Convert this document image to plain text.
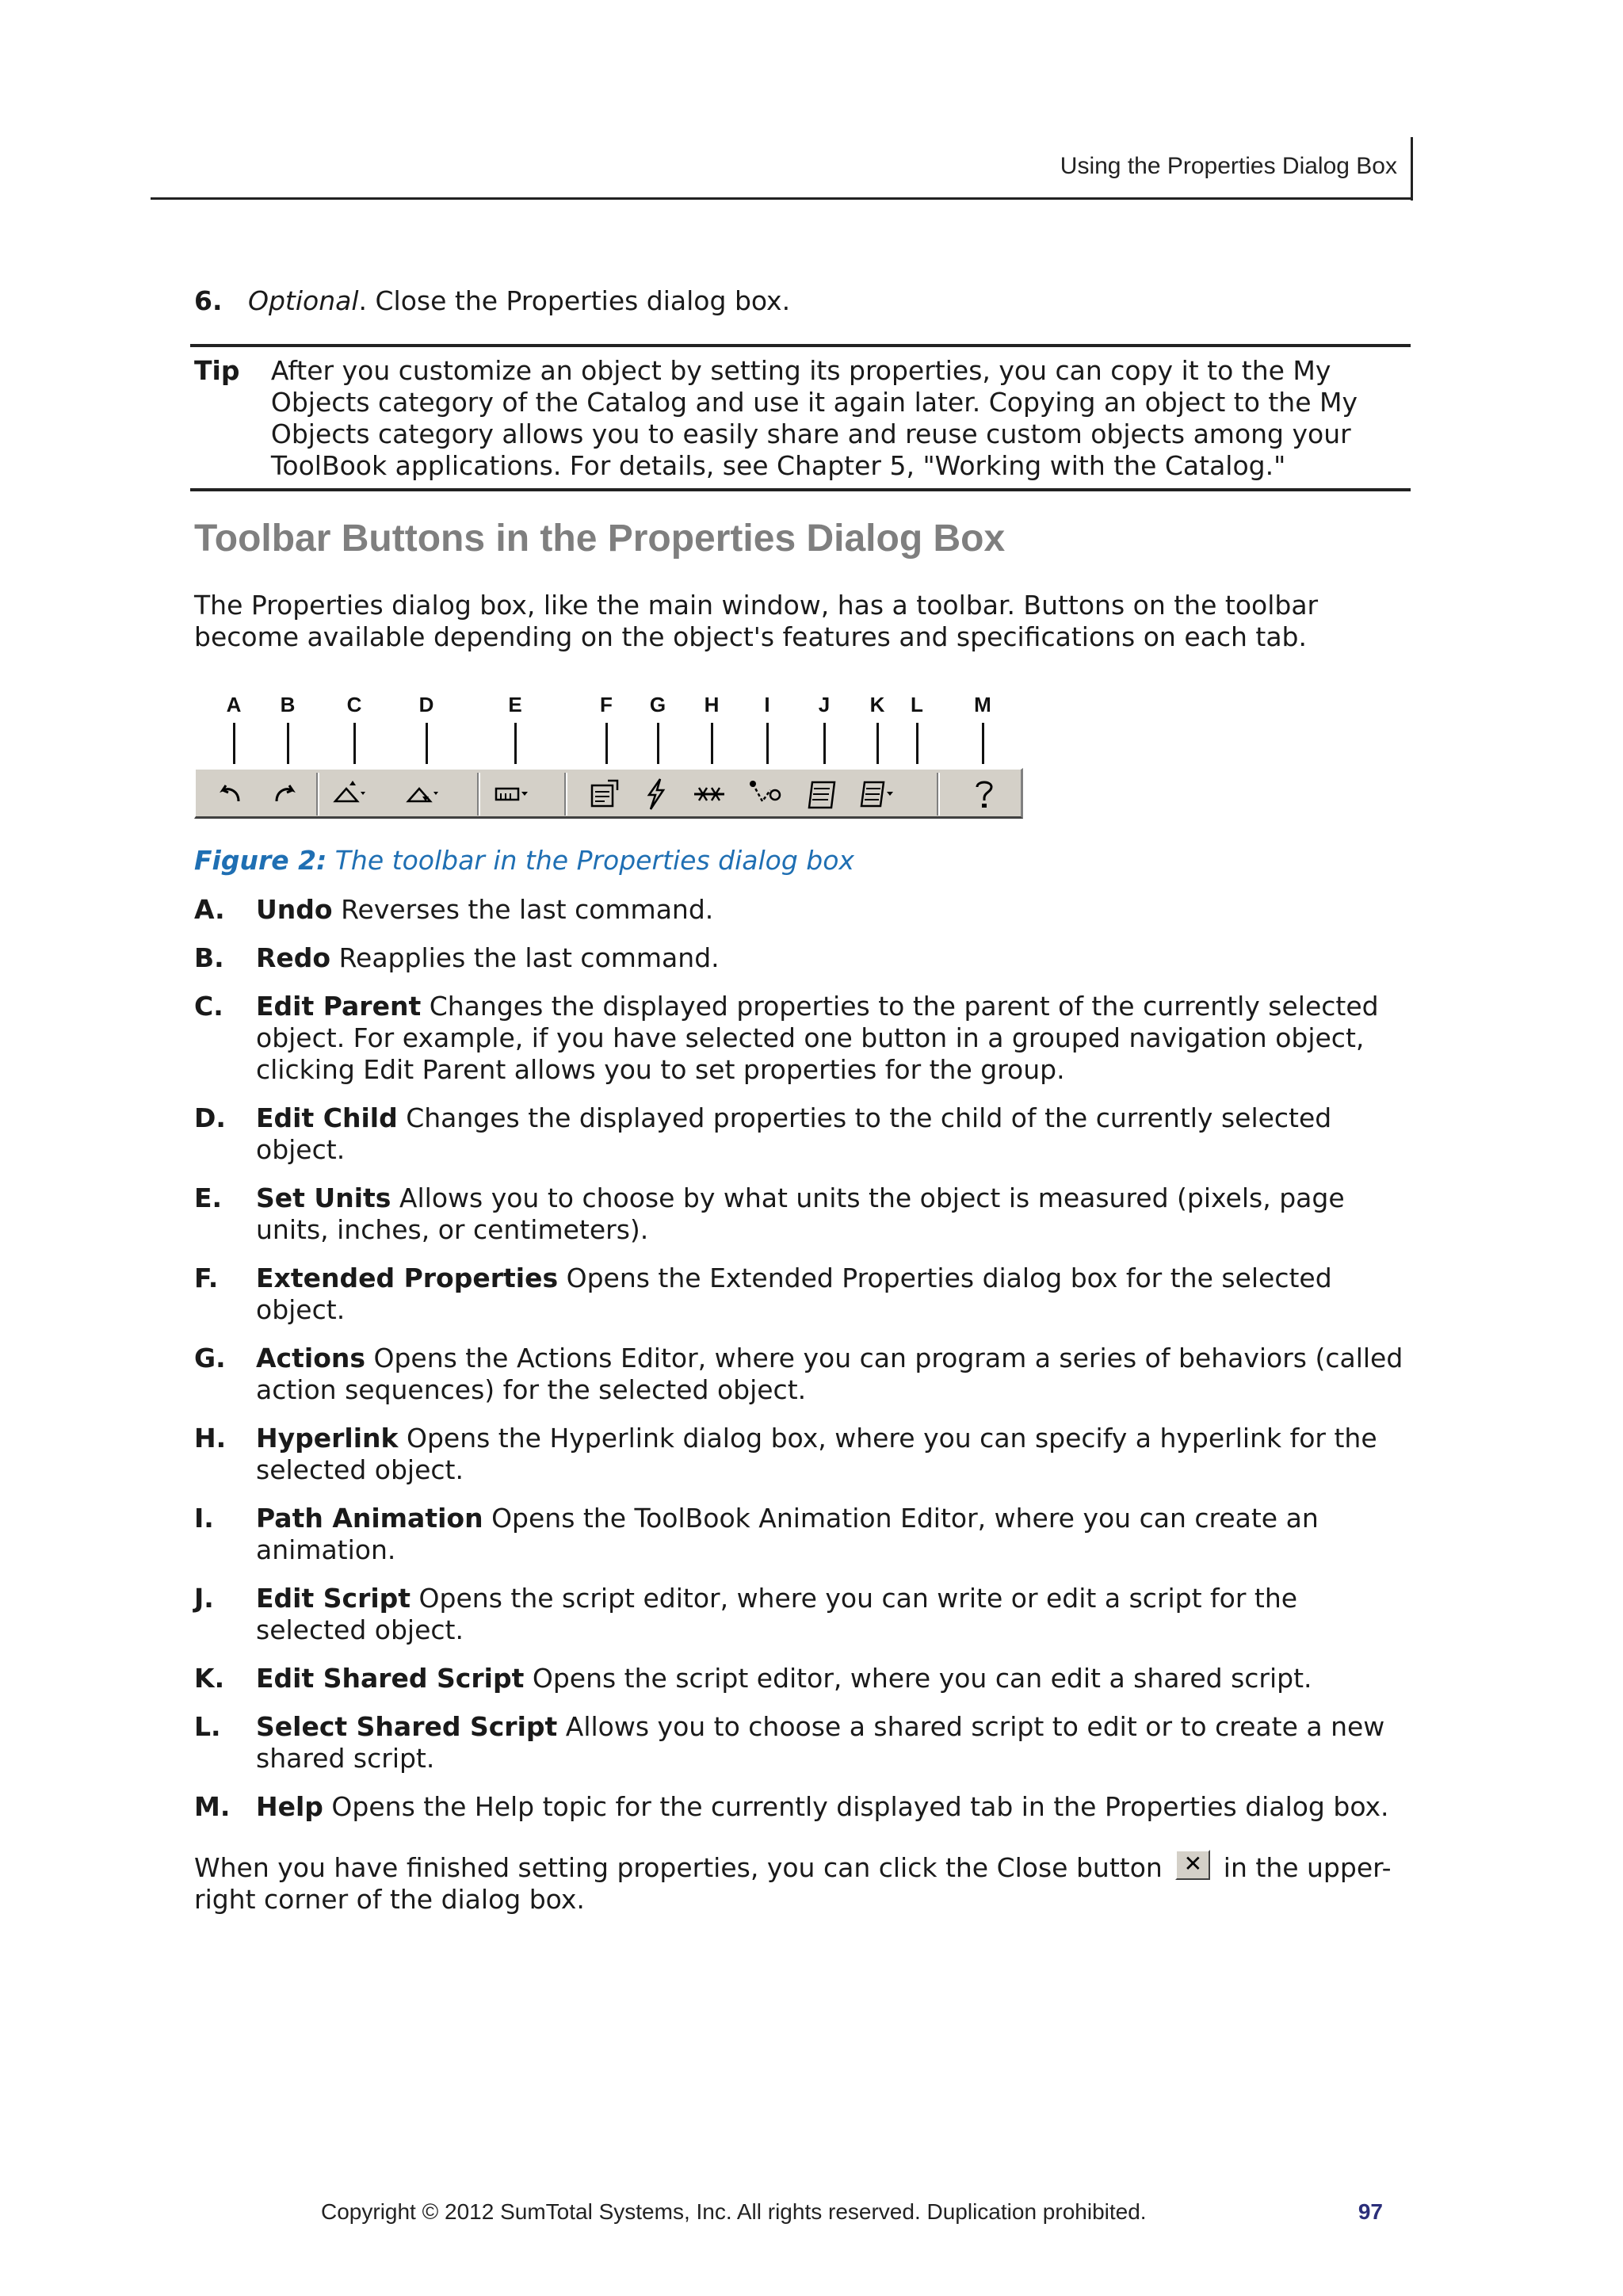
Using the Properties Dialog Box
6. Optional. Close the Properties dialog box.
Tip	After you customize an object by setting its properties, you can copy it to the My Objects category of the Catalog and use it again later. Copying an object to the My Objects category allows you to easily share and reuse custom objects among your ToolBook applications. For details, see Chapter 5, "Working with the Catalog."
Toolbar Buttons in the Properties Dialog Box
The Properties dialog box, like the main window, has a toolbar. Buttons on the toolbar become available depending on the object's features and specifications on each tab.
A B	C	D	E	F G H I J K L M
Figure 2: The toolbar in the Properties dialog box
A.	Undo Reverses the last command.
B.	Redo Reapplies the last command.
C.	Edit Parent Changes the displayed properties to the parent of the currently selected object. For example, if you have selected one button in a grouped navigation object, clicking Edit Parent allows you to set properties for the group.
D.	Edit Child Changes the displayed properties to the child of the currently selected object.
E.	Set Units Allows you to choose by what units the object is measured (pixels, page units, inches, or centimeters).
F.	Extended Properties Opens the Extended Properties dialog box for the selected object.
G.	Actions Opens the Actions Editor, where you can program a series of behaviors (called action sequences) for the selected object.
H.	Hyperlink Opens the Hyperlink dialog box, where you can specify a hyperlink for the selected object.
I.	Path Animation Opens the ToolBook Animation Editor, where you can create an animation.
J.	Edit Script Opens the script editor, where you can write or edit a script for the selected object.
K.	Edit Shared Script Opens the script editor, where you can edit a shared script.
L.	Select Shared Script Allows you to choose a shared script to edit or to create a new shared script.
M. Help Opens the Help topic for the currently displayed tab in the Properties dialog box.
When you have finished setting properties, you can click the Close button ✕ in the upper-right corner of the dialog box.
Copyright © 2012 SumTotal Systems, Inc. All rights reserved. Duplication prohibited.	97
